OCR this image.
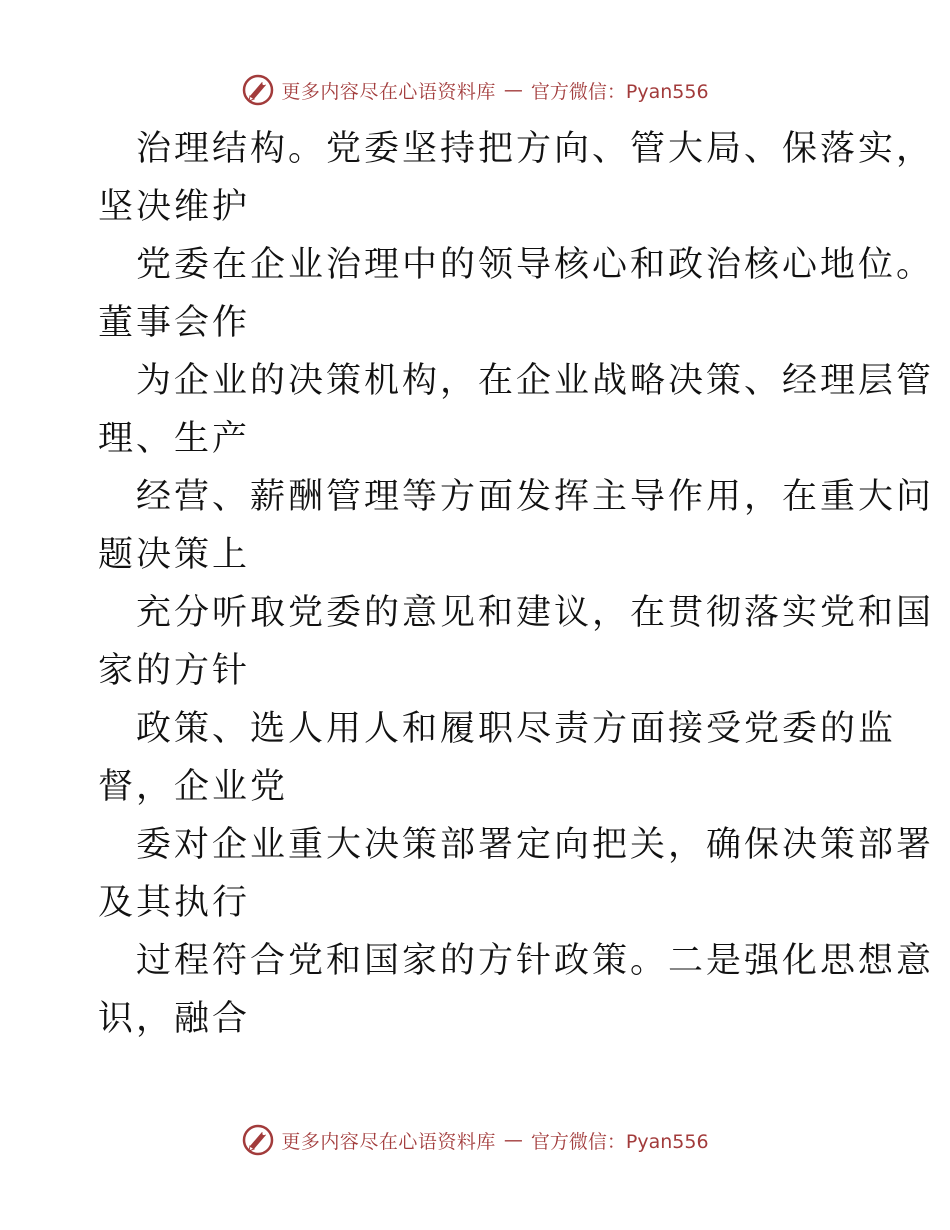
更多内容尽在心语资料库 — 官方微信：Pyan556
治理结构。党委坚持把方向、管大局、保落实，
坚决维护
党委在企业治理中的领导核心和政治核心地位。
董事会作
为企业的决策机构，在企业战略决策、经理层管
理、生产
经营、薪酬管理等方面发挥主导作用，在重大问
题决策上
充分听取党委的意见和建议，在贯彻落实党和国
家的方针
政策、选人用人和履职尽责方面接受党委的监
督，企业党
委对企业重大决策部署定向把关，确保决策部署
及其执行
过程符合党和国家的方针政策。二是强化思想意
识，融合
更多内容尽在心语资料库 — 官方微信：Pyan556
